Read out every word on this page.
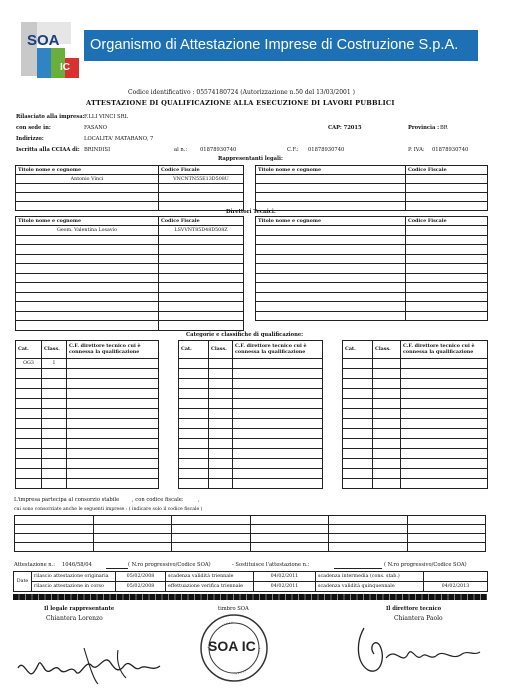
SOA
IC
Organismo di Attestazione Imprese di Costruzione S.p.A.
Codice identificativo : 05574180724 (Autorizzazione n.50 del 13/03/2001 )
ATTESTAZIONE DI QUALIFICAZIONE ALLA ESECUZIONE DI LAVORI PUBBLICI
Rilasciato alla impresa: F.LLI VINCI SRL
con sede in:	FASANO	CAP: 72015	Provincia : BR
Indirizzo:	LOCALITA' MATARANO, 7
Iscritta alla CCIAA di: BRINDISI	al n.: 01878930740	C.F.: 01878930740	P. IVA: 01878930740
Rappresentanti legali:
Titolo nome e cognome	Codice Fiscale
Antonio Vinci	VNCNTN55E13D508U

Titolo nome e cognome	Codice Fiscale

Direttori Tecnici:
Titolo nome e cognome	Codice Fiscale
Geom. Valentina Losavio	LSVVNT85D48D508Z

Titolo nome e cognome	Codice Fiscale

Categorie e classifiche di qualificazione:
Cat.	Class.	C.F. direttore tecnico cui è connessa la qualificazione
OG3	I	

Cat.	Class.	C.F. direttore tecnico cui è connessa la qualificazione

			Cat.	Class.	C.F. direttore tecnico cui è connessa la qualificazione

L'impresa partecipa al consorzio stabile , con codice fiscale:	,
cui sono consorziate anche le seguenti imprese : ( indicare solo il codice fiscale )

Attestazione n.: 1046/58/04	( N.ro progressivo/Codice SOA)	- Sostituisce l'attestazione n.:	( N.ro progressivo/Codice SOA)
Date	rilascio attestazione originaria	05/02/2008	scadenza validità triennale	04/02/2011	scadenza intermedia (cons. stab.)	
	rilascio attestazione in corso	05/02/2008	effettuazione verifica triennale	04/02/2011	scadenza validità quinquennale	04/02/2013
Il legale rappresentante
Chiantera Lorenzo
timbro SOA
SOA IC
Il direttore tecnico
Chiantera Paolo
